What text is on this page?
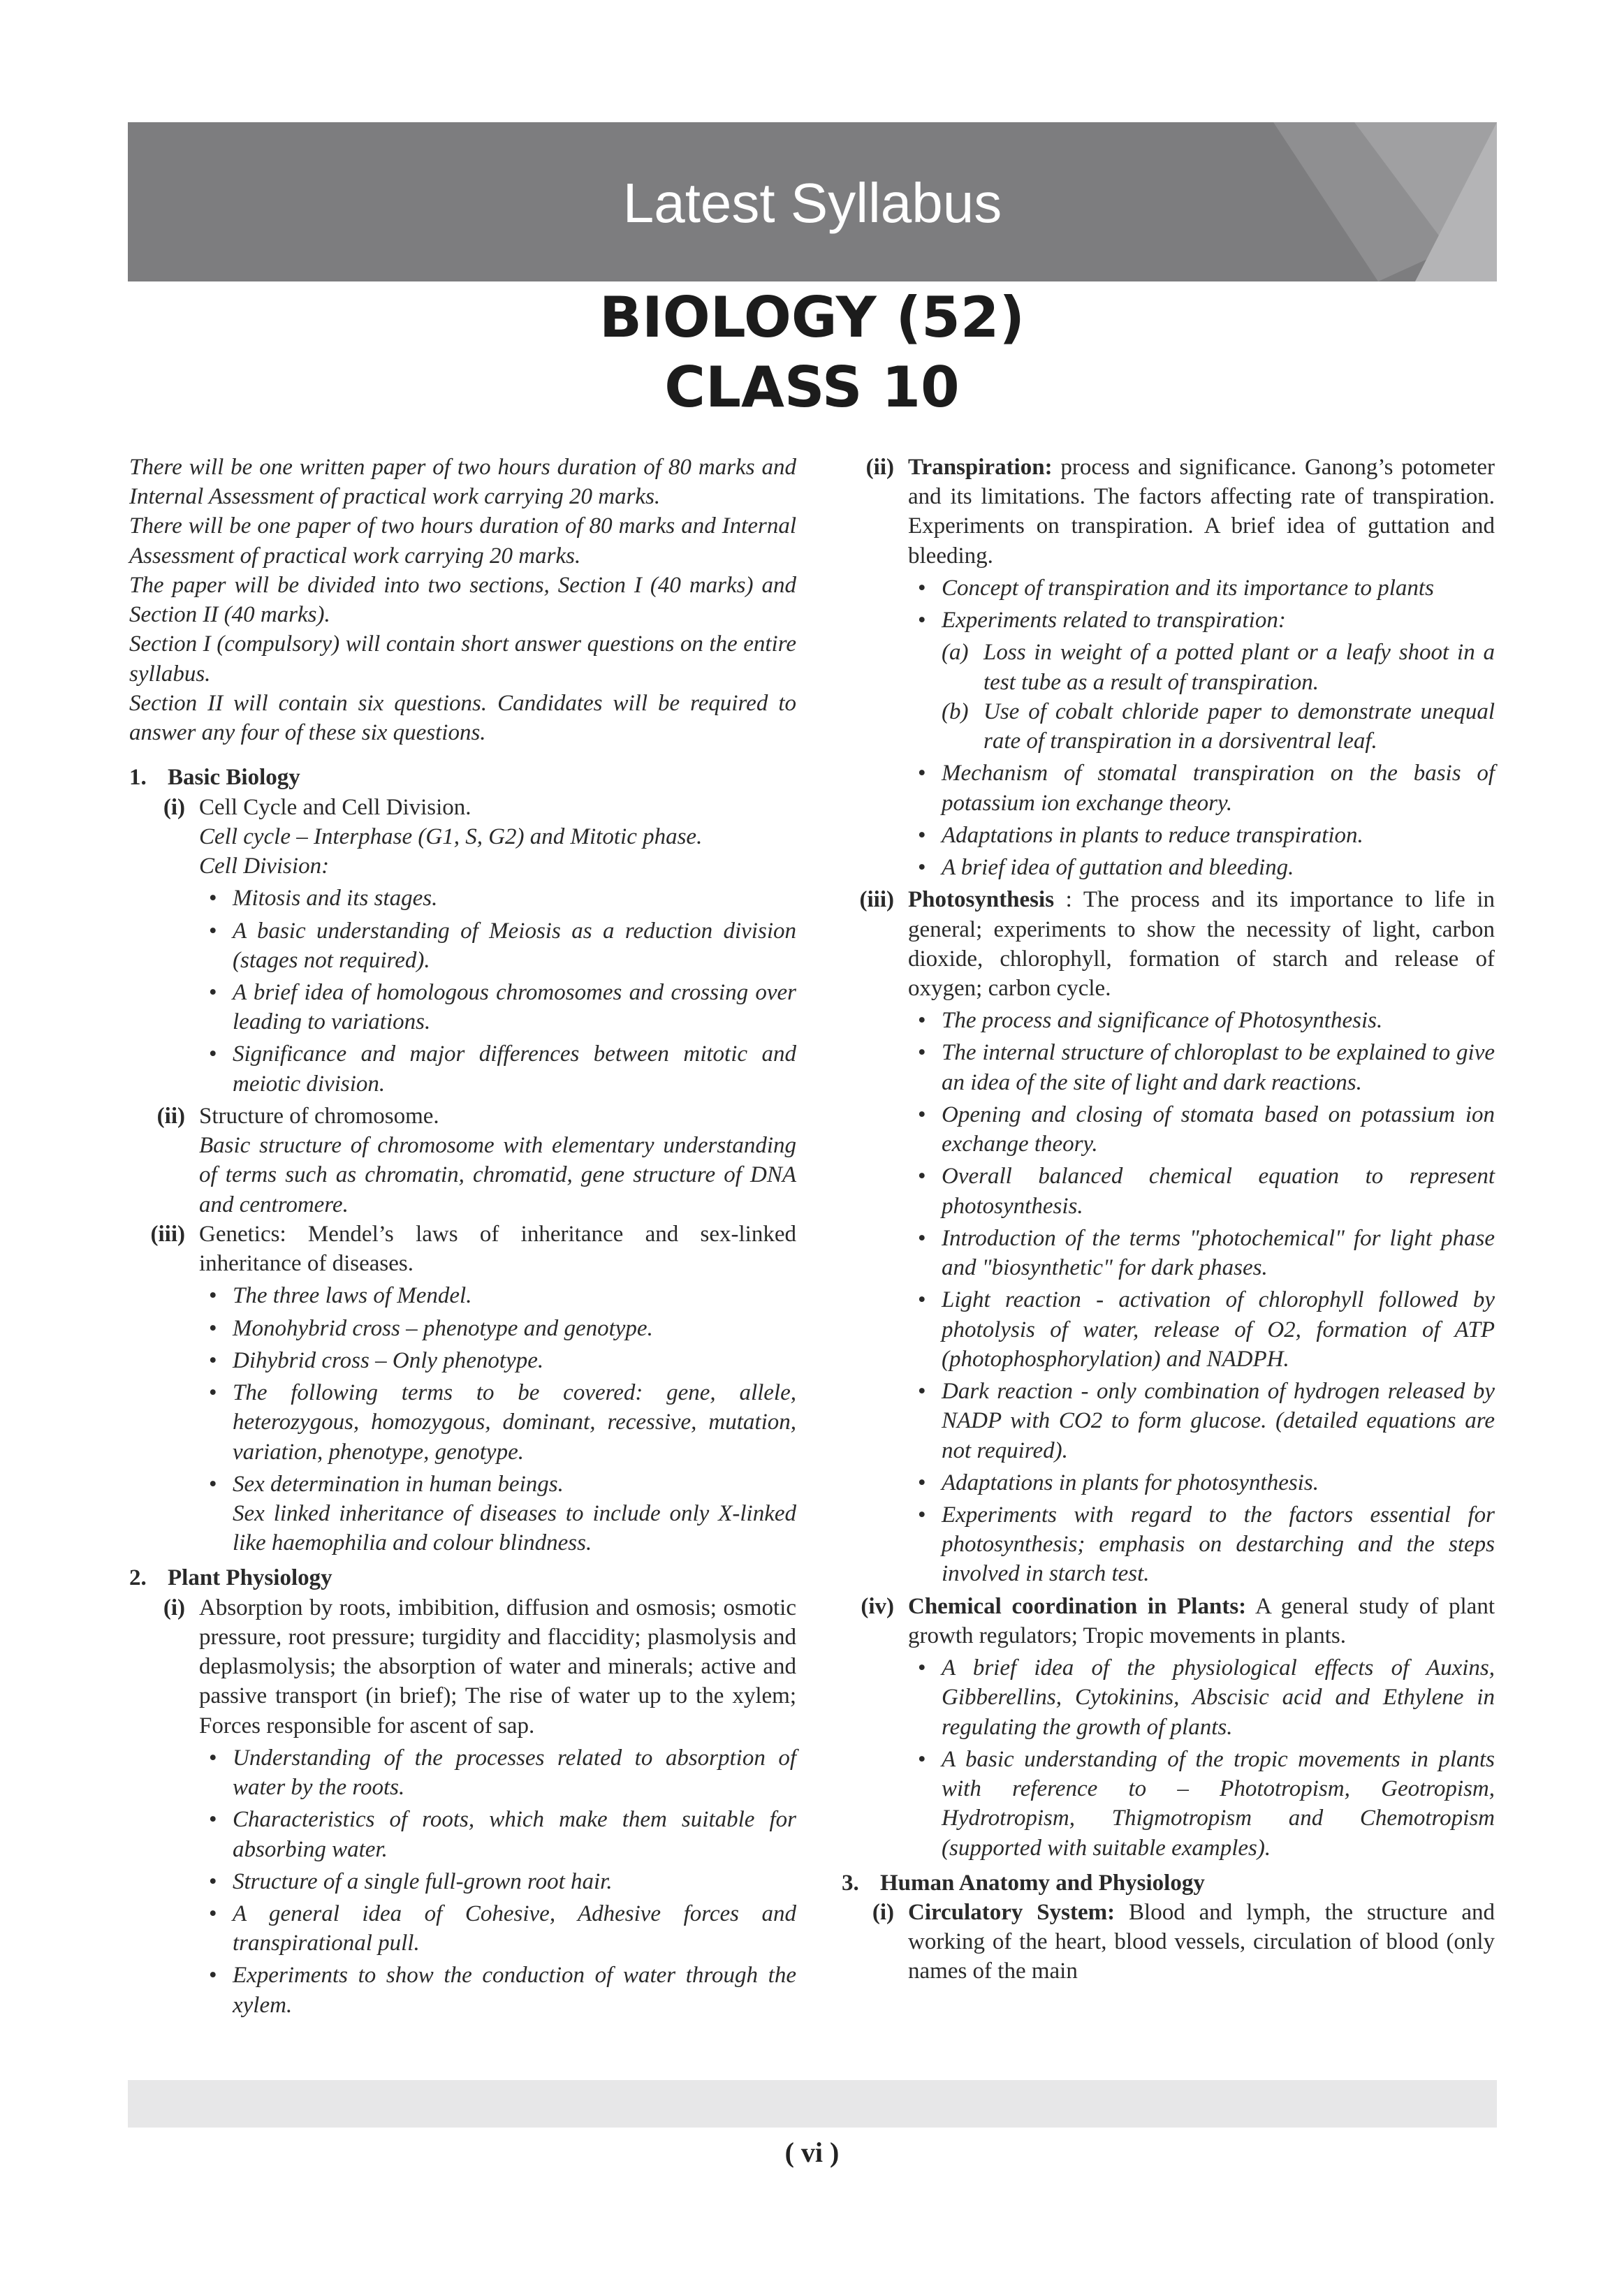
Latest Syllabus
BIOLOGY (52)
CLASS 10

There will be one written paper of two hours duration of 80 marks and Internal Assessment of practical work carrying 20 marks.

There will be one paper of two hours duration of 80 marks and Internal Assessment of practical work carrying 20 marks.

The paper will be divided into two sections, Section I (40 marks) and Section II (40 marks).

Section I (compulsory) will contain short answer questions on the entire syllabus.

Section II will contain six questions. Candidates will be required to answer any four of these six questions.

1. Basic Biology
(i) Cell Cycle and Cell Division.
Cell cycle – Interphase (G1, S, G2) and Mitotic phase.
Cell Division:
• Mitosis and its stages.
• A basic understanding of Meiosis as a reduction division (stages not required).
• A brief idea of homologous chromosomes and crossing over leading to variations.
• Significance and major differences between mitotic and meiotic division.
(ii) Structure of chromosome.
Basic structure of chromosome with elementary understanding of terms such as chromatin, chromatid, gene structure of DNA and centromere.
(iii) Genetics: Mendel’s laws of inheritance and sex-linked inheritance of diseases.
• The three laws of Mendel.
• Monohybrid cross – phenotype and genotype.
• Dihybrid cross – Only phenotype.
• The following terms to be covered: gene, allele, heterozygous, homozygous, dominant, recessive, mutation, variation, phenotype, genotype.
• Sex determination in human beings.
Sex linked inheritance of diseases to include only X-linked like haemophilia and colour blindness.
2. Plant Physiology
(i) Absorption by roots, imbibition, diffusion and osmosis; osmotic pressure, root pressure; turgidity and flaccidity; plasmolysis and deplasmolysis; the absorption of water and minerals; active and passive transport (in brief); The rise of water up to the xylem; Forces responsible for ascent of sap.
• Understanding of the processes related to absorption of water by the roots.
• Characteristics of roots, which make them suitable for absorbing water.
• Structure of a single full-grown root hair.
• A general idea of Cohesive, Adhesive forces and transpirational pull.
• Experiments to show the conduction of water through the xylem.
(ii) Transpiration: process and significance. Ganong’s potometer and its limitations. The factors affecting rate of transpiration. Experiments on transpiration. A brief idea of guttation and bleeding.
• Concept of transpiration and its importance to plants
• Experiments related to transpiration:
(a) Loss in weight of a potted plant or a leafy shoot in a test tube as a result of transpiration.
(b) Use of cobalt chloride paper to demonstrate unequal rate of transpiration in a dorsiventral leaf.
• Mechanism of stomatal transpiration on the basis of potassium ion exchange theory.
• Adaptations in plants to reduce transpiration.
• A brief idea of guttation and bleeding.
(iii) Photosynthesis : The process and its importance to life in general; experiments to show the necessity of light, carbon dioxide, chlorophyll, formation of starch and release of oxygen; carbon cycle.
• The process and significance of Photosynthesis.
• The internal structure of chloroplast to be explained to give an idea of the site of light and dark reactions.
• Opening and closing of stomata based on potassium ion exchange theory.
• Overall balanced chemical equation to represent photosynthesis.
• Introduction of the terms "photochemical" for light phase and "biosynthetic" for dark phases.
• Light reaction - activation of chlorophyll followed by photolysis of water, release of O2, formation of ATP (photophosphorylation) and NADPH.
• Dark reaction - only combination of hydrogen released by NADP with CO2 to form glucose. (detailed equations are not required).
• Adaptations in plants for photosynthesis.
• Experiments with regard to the factors essential for photosynthesis; emphasis on destarching and the steps involved in starch test.
(iv) Chemical coordination in Plants: A general study of plant growth regulators; Tropic movements in plants.
• A brief idea of the physiological effects of Auxins, Gibberellins, Cytokinins, Abscisic acid and Ethylene in regulating the growth of plants.
• A basic understanding of the tropic movements in plants with reference to – Phototropism, Geotropism, Hydrotropism, Thigmotropism and Chemotropism (supported with suitable examples).
3. Human Anatomy and Physiology
(i) Circulatory System: Blood and lymph, the structure and working of the heart, blood vessels, circulation of blood (only names of the main
( vi )
